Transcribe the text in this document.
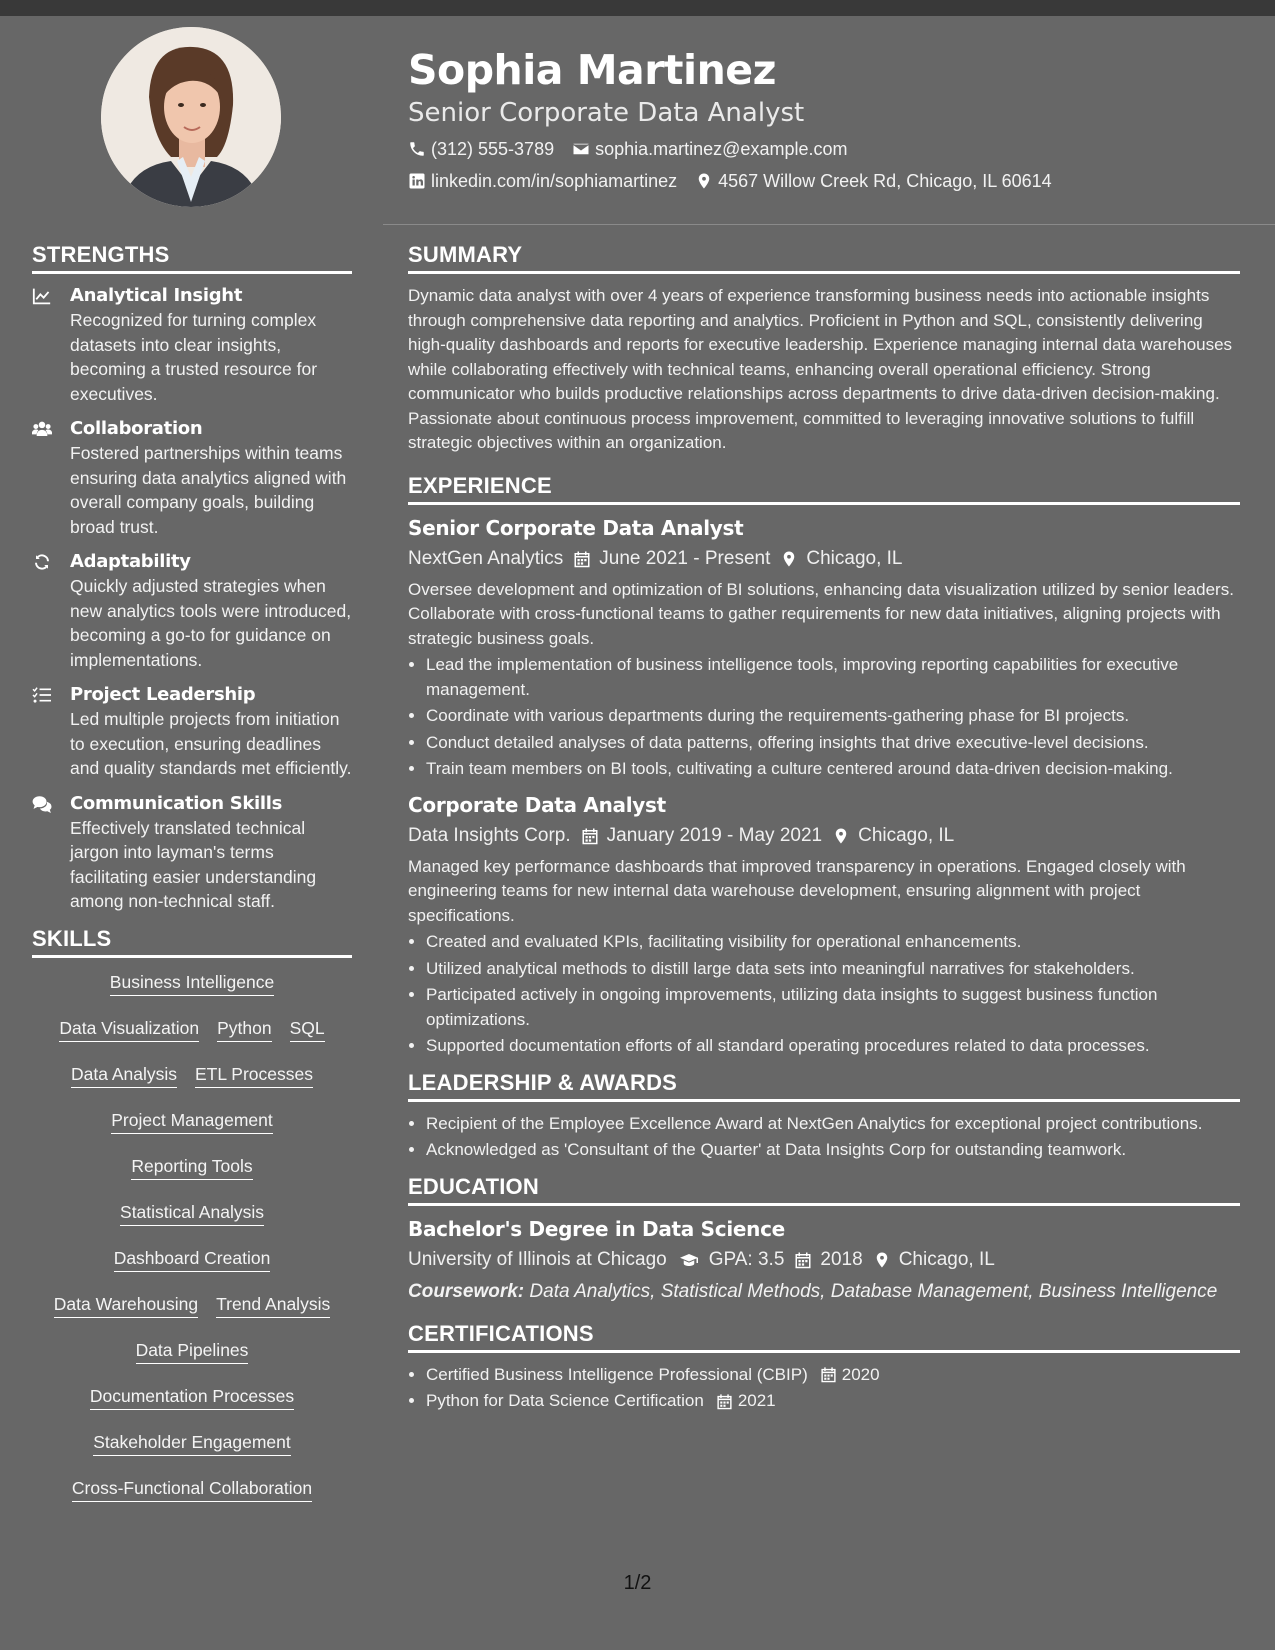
Sophia Martinez
Senior Corporate Data Analyst
(312) 555-3789 sophia.martinez@example.com
linkedin.com/in/sophiamartinez 4567 Willow Creek Rd, Chicago, IL 60614
STRENGTHS
Analytical Insight
Recognized for turning complex datasets into clear insights, becoming a trusted resource for executives.
Collaboration
Fostered partnerships within teams ensuring data analytics aligned with overall company goals, building broad trust.
Adaptability
Quickly adjusted strategies when new analytics tools were introduced, becoming a go-to for guidance on implementations.
Project Leadership
Led multiple projects from initiation to execution, ensuring deadlines and quality standards met efficiently.
Communication Skills
Effectively translated technical jargon into layman's terms facilitating easier understanding among non-technical staff.
SKILLS
Business Intelligence
Data Visualization Python SQL
Data Analysis ETL Processes
Project Management
Reporting Tools
Statistical Analysis
Dashboard Creation
Data Warehousing Trend Analysis
Data Pipelines
Documentation Processes
Stakeholder Engagement
Cross-Functional Collaboration
SUMMARY

Dynamic data analyst with over 4 years of experience transforming business needs into actionable insights through comprehensive data reporting and analytics. Proficient in Python and SQL, consistently delivering high-quality dashboards and reports for executive leadership. Experience managing internal data warehouses while collaborating effectively with technical teams, enhancing overall operational efficiency. Strong communicator who builds productive relationships across departments to drive data-driven decision-making. Passionate about continuous process improvement, committed to leveraging innovative solutions to fulfill strategic objectives within an organization.

EXPERIENCE
Senior Corporate Data Analyst
NextGen Analytics June 2021 - Present Chicago, IL
Oversee development and optimization of BI solutions, enhancing data visualization utilized by senior leaders. Collaborate with cross-functional teams to gather requirements for new data initiatives, aligning projects with strategic business goals.
• Lead the implementation of business intelligence tools, improving reporting capabilities for executive management.
• Coordinate with various departments during the requirements-gathering phase for BI projects.
• Conduct detailed analyses of data patterns, offering insights that drive executive-level decisions.
• Train team members on BI tools, cultivating a culture centered around data-driven decision-making.
Corporate Data Analyst
Data Insights Corp. January 2019 - May 2021 Chicago, IL
Managed key performance dashboards that improved transparency in operations. Engaged closely with engineering teams for new internal data warehouse development, ensuring alignment with project specifications.
• Created and evaluated KPIs, facilitating visibility for operational enhancements.
• Utilized analytical methods to distill large data sets into meaningful narratives for stakeholders.
• Participated actively in ongoing improvements, utilizing data insights to suggest business function optimizations.
• Supported documentation efforts of all standard operating procedures related to data processes.
LEADERSHIP & AWARDS
• Recipient of the Employee Excellence Award at NextGen Analytics for exceptional project contributions.
• Acknowledged as 'Consultant of the Quarter' at Data Insights Corp for outstanding teamwork.
EDUCATION
Bachelor's Degree in Data Science
University of Illinois at Chicago GPA: 3.5 2018 Chicago, IL
Coursework: Data Analytics, Statistical Methods, Database Management, Business Intelligence
CERTIFICATIONS
• Certified Business Intelligence Professional (CBIP) 2020
• Python for Data Science Certification 2021
1/2
